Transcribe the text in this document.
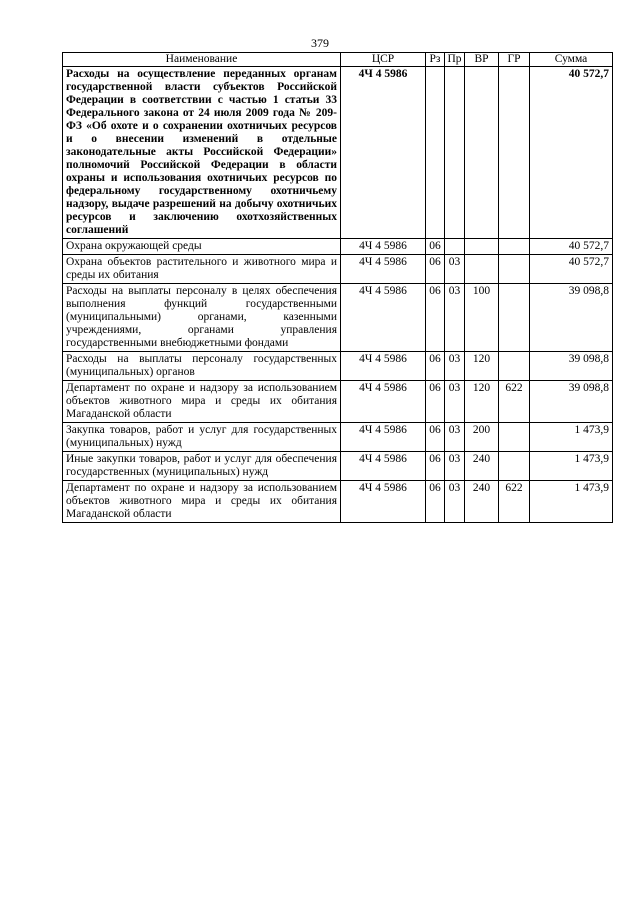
379
Наименование	ЦСР	Рз	Пр	ВР	ГР	Сумма
Расходы на осуществление переданных органам государственной власти субъектов Российской Федерации в соответствии с частью 1 статьи 33 Федерального закона от 24 июля 2009 года № 209-ФЗ «Об охоте и о сохранении охотничьих ресурсов и о внесении изменений в отдельные законодательные акты Российской Федерации» полномочий Российской Федерации в области охраны и использования охотничьих ресурсов по федеральному государственному охотничьему надзору, выдаче разрешений на добычу охотничьих ресурсов и заключению охотхозяйственных соглашений	4Ч 4 5986					40 572,7
Охрана окружающей среды	4Ч 4 5986	06				40 572,7
Охрана объектов растительного и животного мира и среды их обитания	4Ч 4 5986	06	03			40 572,7
Расходы на выплаты персоналу в целях обеспечения выполнения функций государственными (муниципальными) органами, казенными учреждениями, органами управления государственными внебюджетными фондами	4Ч 4 5986	06	03	100		39 098,8
Расходы на выплаты персоналу государственных (муниципальных) органов	4Ч 4 5986	06	03	120		39 098,8
Департамент по охране и надзору за использованием объектов животного мира и среды их обитания Магаданской области	4Ч 4 5986	06	03	120	622	39 098,8
Закупка товаров, работ и услуг для государственных (муниципальных) нужд	4Ч 4 5986	06	03	200		1 473,9
Иные закупки товаров, работ и услуг для обеспечения государственных (муниципальных) нужд	4Ч 4 5986	06	03	240		1 473,9
Департамент по охране и надзору за использованием объектов животного мира и среды их обитания Магаданской области	4Ч 4 5986	06	03	240	622	1 473,9
